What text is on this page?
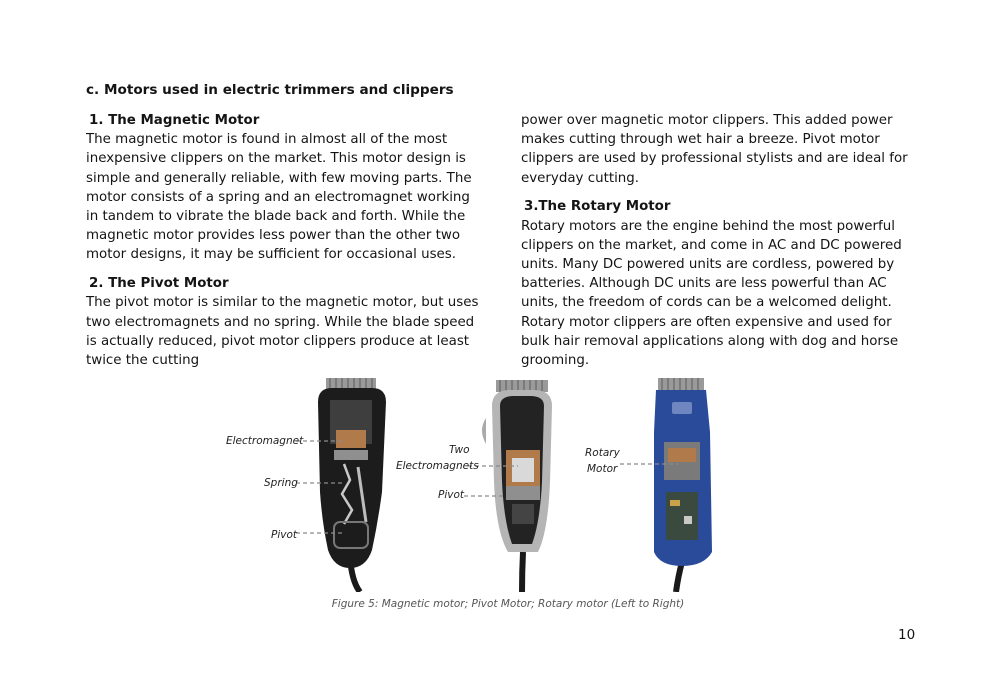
c. Motors used in electric trimmers and clippers
1. The Magnetic Motor

The magnetic motor is found in almost all of the most inexpensive clippers on the market. This motor design is simple and generally reliable, with few moving parts. The motor consists of a spring and an electromagnet working in tandem to vibrate the blade back and forth. While the magnetic motor provides less power than the other two motor designs, it may be sufficient for occasional uses.

2. The Pivot Motor

The pivot motor is similar to the magnetic motor, but uses two electromagnets and no spring. While the blade speed is actually reduced, pivot motor clippers produce at least twice the cutting

power over magnetic motor clippers. This added power makes cutting through wet hair a breeze. Pivot motor clippers are used by professional stylists and are ideal for everyday cutting.

3.The Rotary Motor

Rotary motors are the engine behind the most powerful clippers on the market, and come in AC and DC powered units. Many DC powered units are cordless, powered by batteries. Although DC units are less powerful than AC units, the freedom of cords can be a welcomed delight. Rotary motor clippers are often expensive and used for bulk hair removal applications along with dog and horse grooming.

Electromagnet
Spring
Pivot
Two
Electromagnets
Pivot
Rotary
Motor
Figure 5: Magnetic motor; Pivot Motor; Rotary motor (Left to Right)
10
